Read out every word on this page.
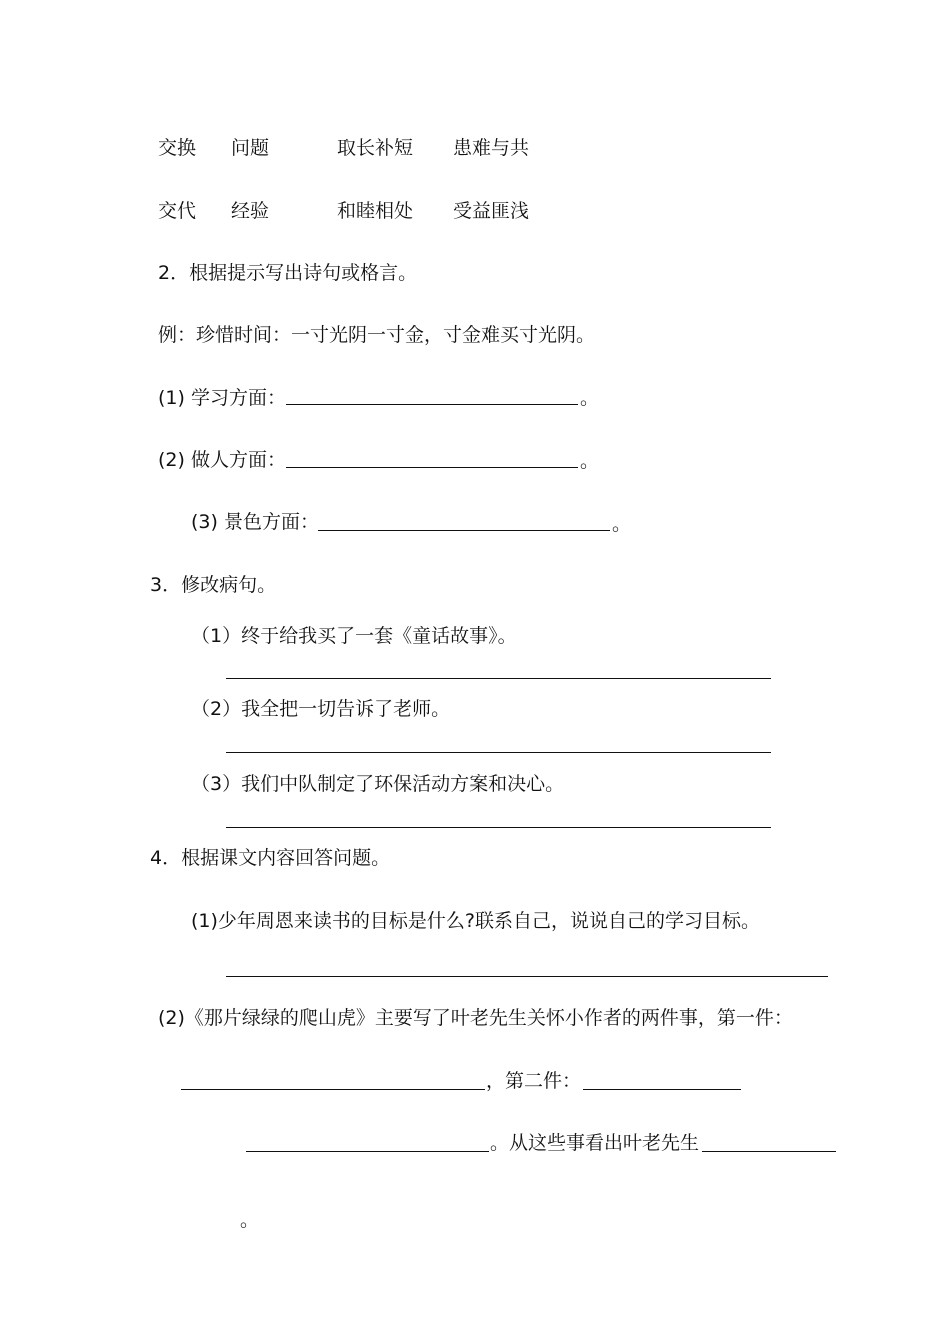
交换 问题	取长补短 患难与共
交代 经验	和睦相处 受益匪浅
2．根据提示写出诗句或格言。
例：珍惜时间：一寸光阴一寸金，寸金难买寸光阴。
(1) 学习方面：	。
(2) 做人方面：	。
(3) 景色方面：	。
3．修改病句。
（1）终于给我买了一套《童话故事》。
（2）我全把一切告诉了老师。
（3）我们中队制定了环保活动方案和决心。
4．根据课文内容回答问题。
(1)少年周恩来读书的目标是什么?联系自己，说说自己的学习目标。
(2)《那片绿绿的爬山虎》主要写了叶老先生关怀小作者的两件事，第一件：
，第二件：
。从这些事看出叶老先生
。
